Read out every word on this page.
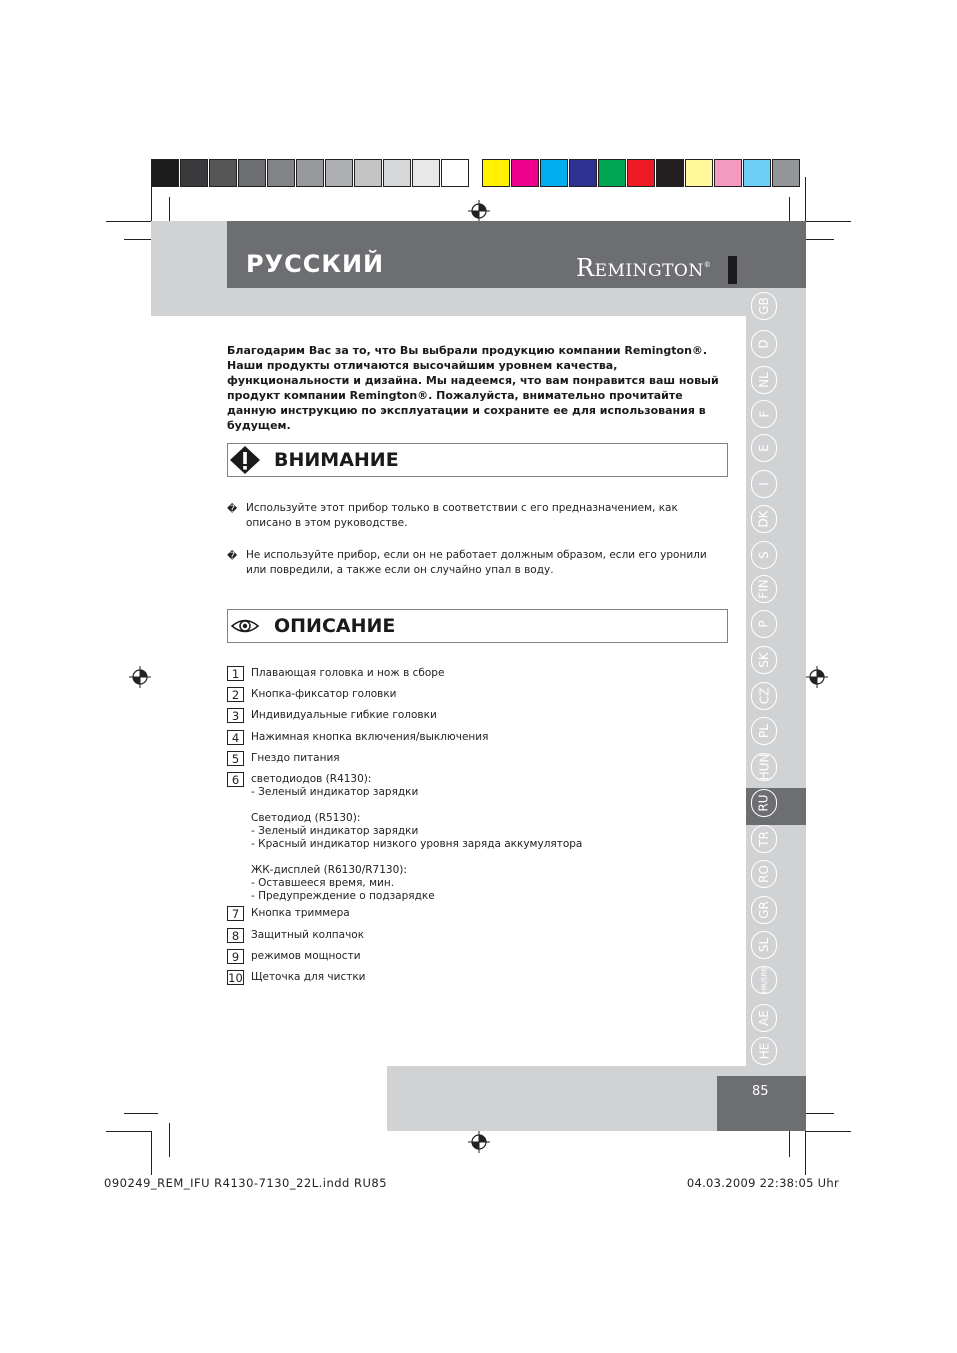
РУССКИЙ	REMINGTON®
GB
D
NL
F
E
I
DK
S
FIN
P
SK
CZ
PL
HUN
RU
TR
RO
GR
SL
HR/SRB
AE
HE
Благодарим Вас за то, что Вы выбрали продукцию компании Remington®. Наши продукты отличаются высочайшим уровнем качества, функциональности и дизайна. Мы надеемся, что вам понравится ваш новый продукт компании Remington®. Пожалуйста, внимательно прочитайте данную инструкцию по эксплуатации и сохраните ее для использования в будущем.
ВНИМАНИЕ
� Используйте этот прибор только в соответствии с его предназначением, как описано в этом руководстве.
� Не используйте прибор, если он не работает должным образом, если его уронили или повредили, а также если он случайно упал в воду.
ОПИСАНИЕ
1	Плавающая головка и нож в сборе
2	Кнопка-фиксатор головки
3	Индивидуальные гибкие головки
4	Нажимная кнопка включения/выключения
5	Гнездо питания
6	светодиодов (R4130):
- Зеленый индикатор зарядки

Светодиод (R5130):
- Зеленый индикатор зарядки
- Красный индикатор низкого уровня заряда аккумулятора

ЖК-дисплей (R6130/R7130):
- Оставшееся время, мин.
- Предупреждение о подзарядке
7	Кнопка триммера
8	Защитный колпачок
9	режимов мощности
10 Щеточка для чистки
85
090249_REM_IFU R4130-7130_22L.indd RU85	04.03.2009 22:38:05 Uhr
